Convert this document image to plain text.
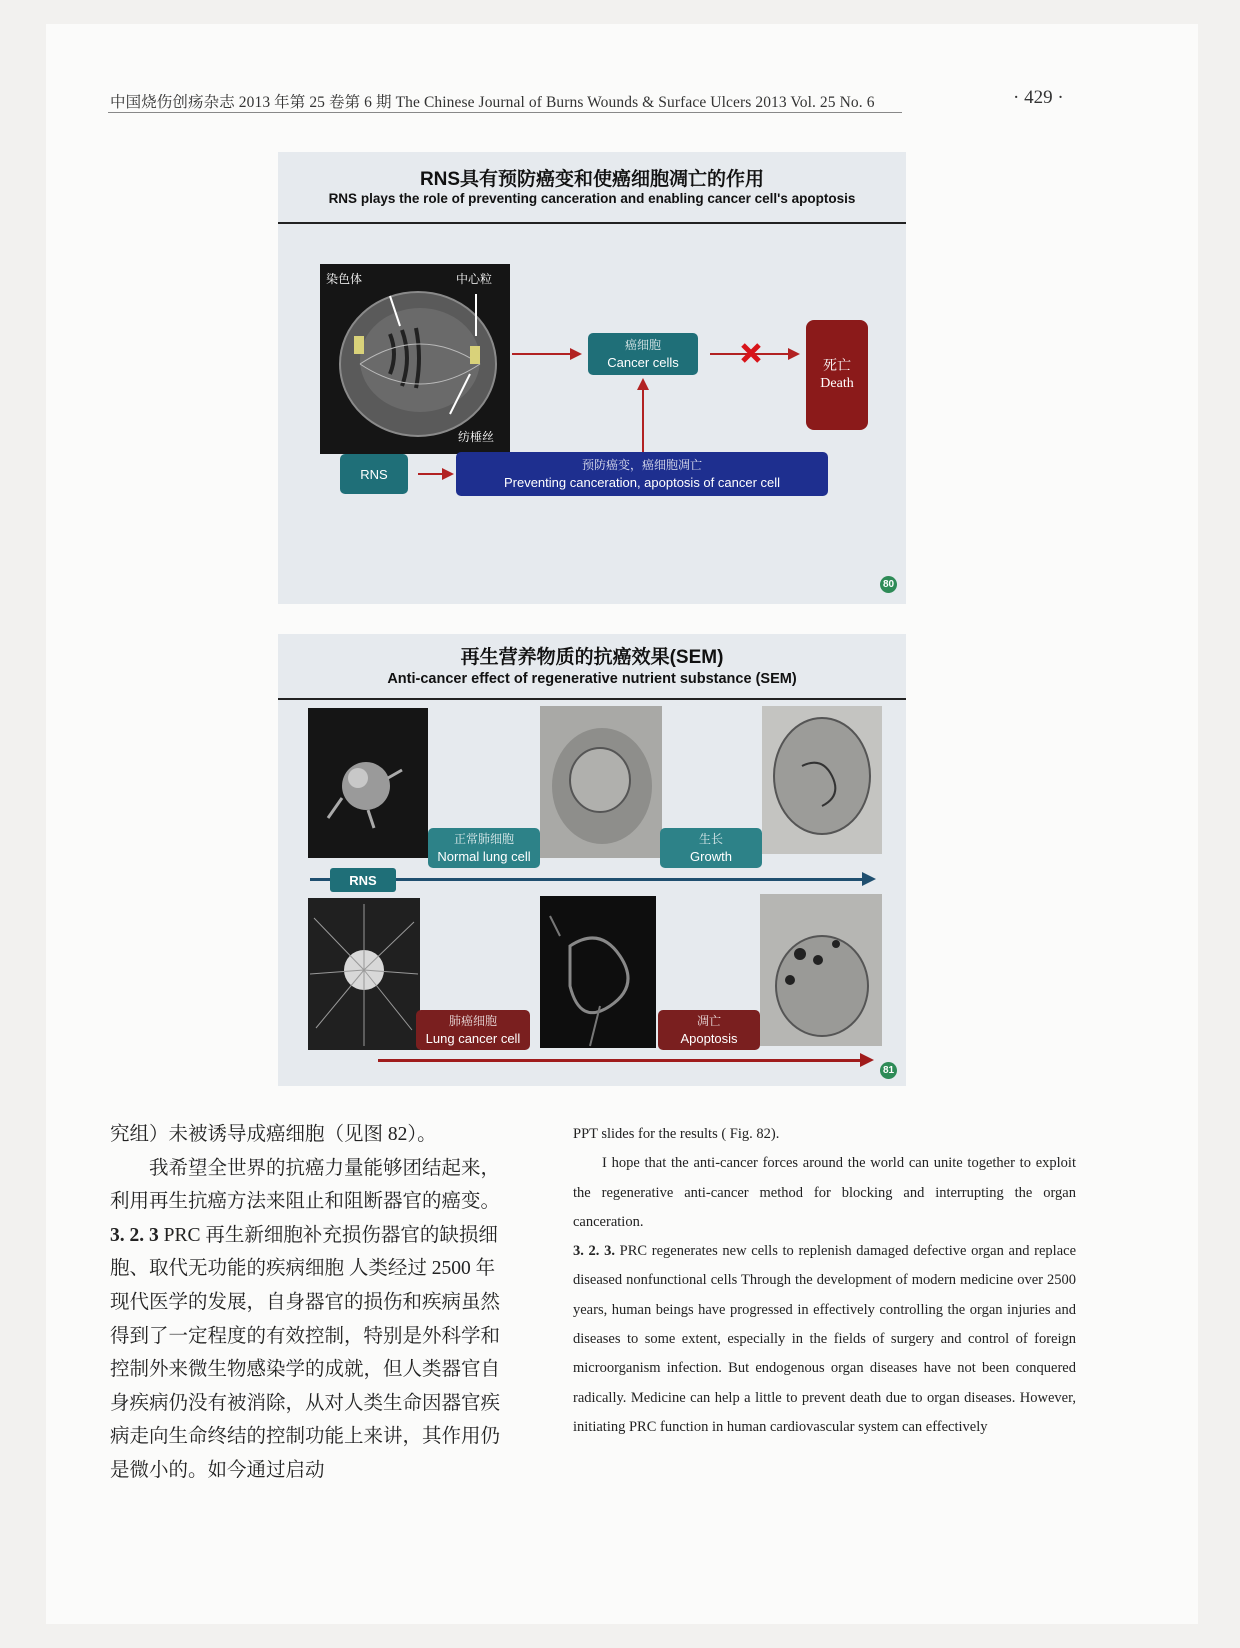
中国烧伤创疡杂志 2013 年第 25 卷第 6 期 The Chinese Journal of Burns Wounds & Surface Ulcers 2013 Vol. 25 No. 6	· 429 ·
RNS具有预防癌变和使癌细胞凋亡的作用
RNS plays the role of preventing canceration and enabling cancer cell's apoptosis
染色体	中心粒
纺棰丝
癌细胞
Cancer cells	死亡
Death
RNS
预防癌变，癌细胞凋亡
Preventing canceration, apoptosis of cancer cell
80
再生营养物质的抗癌效果(SEM)
Anti-cancer effect of regenerative nutrient substance (SEM)
正常肺细胞
Normal lung cell
生长
Growth
RNS
肺癌细胞
Lung cancer cell
凋亡
Apoptosis
81

究组）未被诱导成癌细胞（见图 82）。

我希望全世界的抗癌力量能够团结起来，利用再生抗癌方法来阻止和阻断器官的癌变。

3. 2. 3 PRC 再生新细胞补充损伤器官的缺损细胞、取代无功能的疾病细胞 人类经过 2500 年现代医学的发展，自身器官的损伤和疾病虽然得到了一定程度的有效控制，特别是外科学和控制外来微生物感染学的成就，但人类器官自身疾病仍没有被消除，从对人类生命因器官疾病走向生命终结的控制功能上来讲，其作用仍是微小的。如今通过启动

PPT slides for the results ( Fig. 82).

I hope that the anti-cancer forces around the world can unite together to exploit the regenerative anti-cancer method for blocking and interrupting the organ canceration.

3. 2. 3. PRC regenerates new cells to replenish damaged defective organ and replace diseased nonfunctional cells Through the development of modern medicine over 2500 years, human beings have progressed in effectively controlling the organ injuries and diseases to some extent, especially in the fields of surgery and control of foreign microorganism infection. But endogenous organ diseases have not been conquered radically. Medicine can help a little to prevent death due to organ diseases. However, initiating PRC function in human cardiovascular system can effectively
